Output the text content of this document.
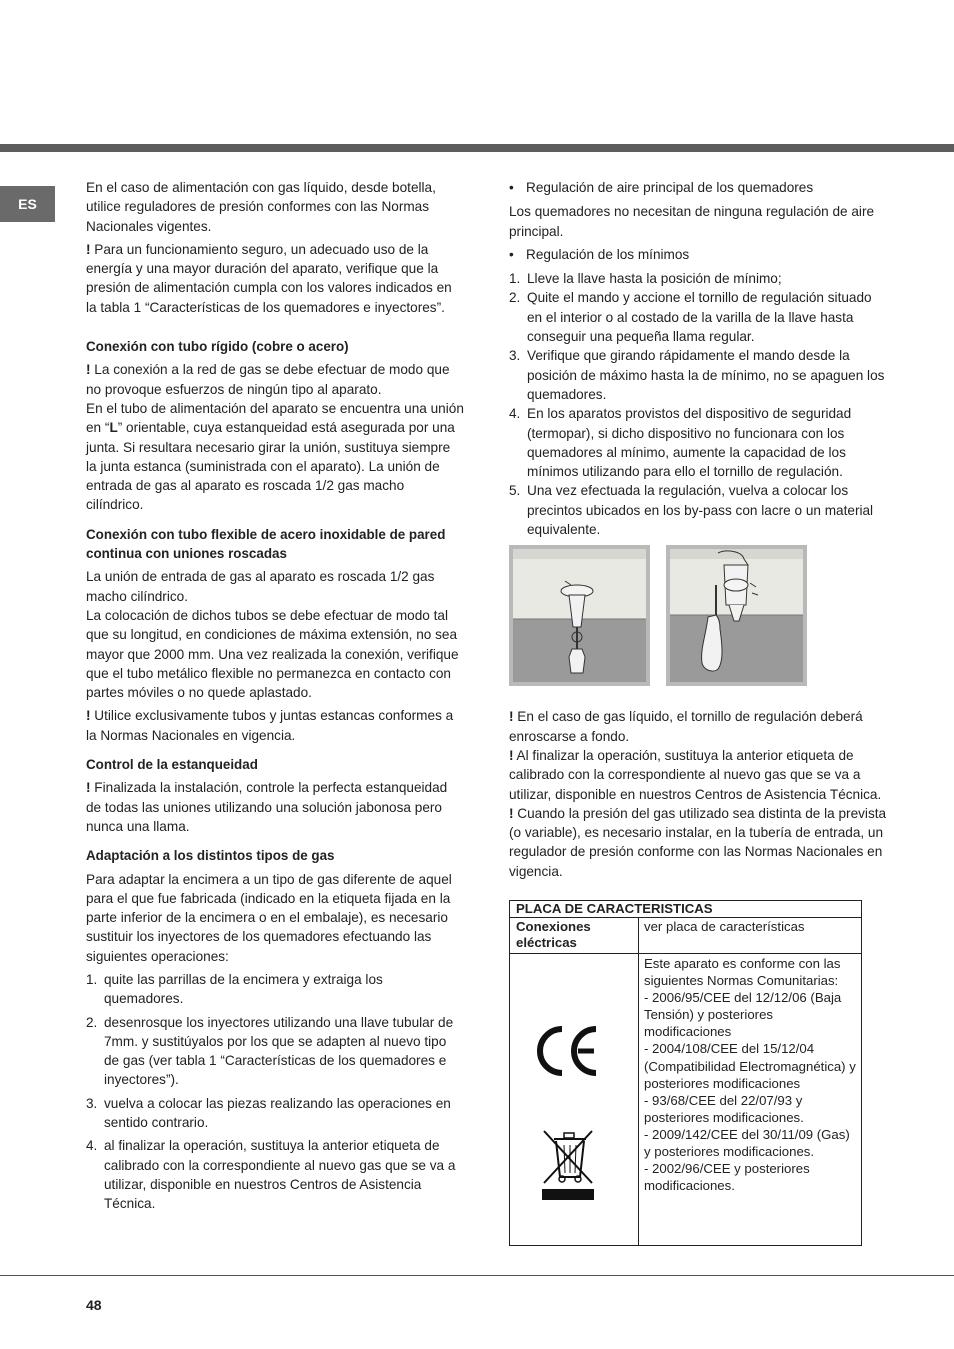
ES

En el caso de alimentación con gas líquido, desde botella, utilice reguladores de presión conformes con las Normas Nacionales vigentes.

! Para un funcionamiento seguro, un adecuado uso de la energía y una mayor duración del aparato, verifique que la presión de alimentación cumpla con los valores indicados en la tabla 1 “Características de los quemadores e inyectores”.

Conexión con tubo rígido (cobre o acero)

! La conexión a la red de gas se debe efectuar de modo que no provoque esfuerzos de ningún tipo al aparato.
En el tubo de alimentación del aparato se encuentra una unión en “L” orientable, cuya estanqueidad está asegurada por una junta. Si resultara necesario girar la unión, sustituya siempre la junta estanca (suministrada con el aparato). La unión de entrada de gas al aparato es roscada 1/2 gas macho cilíndrico.

Conexión con tubo flexible de acero inoxidable de pared continua con uniones roscadas

La unión de entrada de gas al aparato es roscada 1/2 gas macho cilíndrico.
La colocación de dichos tubos se debe efectuar de modo tal que su longitud, en condiciones de máxima extensión, no sea mayor que 2000 mm. Una vez realizada la conexión, verifique que el tubo metálico flexible no permanezca en contacto con partes móviles o no quede aplastado.

! Utilice exclusivamente tubos y juntas estancas conformes a la Normas Nacionales en vigencia.

Control de la estanqueidad

! Finalizada la instalación, controle la perfecta estanqueidad de todas las uniones utilizando una solución jabonosa pero nunca una llama.

Adaptación a los distintos tipos de gas

Para adaptar la encimera a un tipo de gas diferente de aquel para el que fue fabricada (indicado en la etiqueta fijada en la parte inferior de la encimera o en el embalaje), es necesario sustituir los inyectores de los quemadores efectuando las siguientes operaciones:

1. quite las parrillas de la encimera y extraiga los quemadores.
2. desenrosque los inyectores utilizando una llave tubular de 7mm. y sustitúyalos por los que se adapten al nuevo tipo de gas (ver tabla 1 “Características de los quemadores e inyectores”).
3. vuelva a colocar las piezas realizando las operaciones en sentido contrario.
4. al finalizar la operación, sustituya la anterior etiqueta de calibrado con la correspondiente al nuevo gas que se va a utilizar, disponible en nuestros Centros de Asistencia Técnica.
• Regulación de aire principal de los quemadores

Los quemadores no necesitan de ninguna regulación de aire principal.

• Regulación de los mínimos
1. Lleve la llave hasta la posición de mínimo;
2. Quite el mando y accione el tornillo de regulación situado en el interior o al costado de la varilla de la llave hasta conseguir una pequeña llama regular.
3. Verifique que girando rápidamente el mando desde la posición de máximo hasta la de mínimo, no se apaguen los quemadores.
4. En los aparatos provistos del dispositivo de seguridad (termopar), si dicho dispositivo no funcionara con los quemadores al mínimo, aumente la capacidad de los mínimos utilizando para ello el tornillo de regulación.
5. Una vez efectuada la regulación, vuelva a colocar los precintos ubicados en los by-pass con lacre o un material equivalente.

! En el caso de gas líquido, el tornillo de regulación deberá enroscarse a fondo.
! Al finalizar la operación, sustituya la anterior etiqueta de calibrado con la correspondiente al nuevo gas que se va a utilizar, disponible en nuestros Centros de Asistencia Técnica.
! Cuando la presión del gas utilizado sea distinta de la prevista (o variable), es necesario instalar, en la tubería de entrada, un regulador de presión conforme con las Normas Nacionales en vigencia.

PLACA DE CARACTERISTICAS
Conexiones eléctricas
ver placa de características
Este aparato es conforme con las siguientes Normas Comunitarias:
- 2006/95/CEE del 12/12/06 (Baja Tensión) y posteriores modificaciones
- 2004/108/CEE del 15/12/04 (Compatibilidad Electromagnética) y posteriores modificaciones
- 93/68/CEE del 22/07/93 y posteriores modificaciones.
- 2009/142/CEE del 30/11/09 (Gas) y posteriores modificaciones.
- 2002/96/CEE y posteriores modificaciones.
48
